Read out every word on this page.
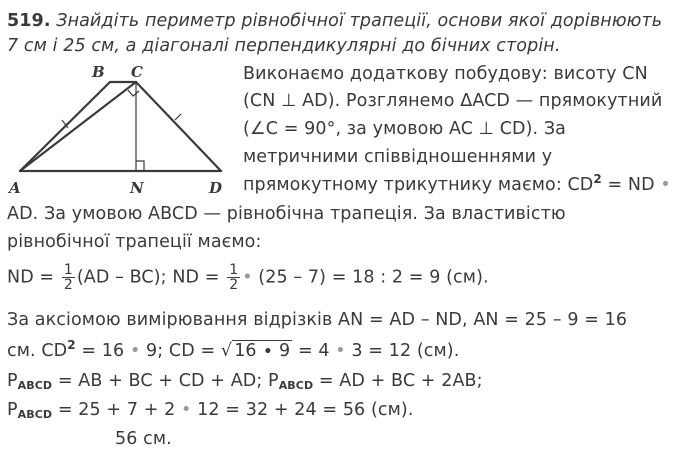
519. Знайдіть периметр рівнобічної трапеції, основи якої дорівнюють
7 см і 25 см, а діагоналі перпендикулярні до бічних сторін.
B C
A	N	D
Виконаємо додаткову побудову: висоту CN
(CN ⊥ AD). Розглянемо ΔACD — прямокутний
(∠C = 90°, за умовою AC ⊥ CD). За
метричними співвідношеннями у
прямокутному трикутнику маємо: $CD^2$ = ND •
AD. За умовою ABCD — рівнобічна трапеція. За властивістю
рівнобічної трапеції маємо:
ND = $\frac{1}{2} (AD - BC)$; ND = $\frac{1}{2}$ • (25 – 7) = 18 : 2 = 9 (см).
За аксіомою вимірювання відрізків AN = AD – ND, AN = 25 – 9 = 16
см. $CD^2 = 16$ • 9; CD = √ 16 ∙ 9 = 4 • 3 = 12 (см).
PABCD = AB + BC + CD + AD; PABCD = AD + BC + 2AB;
PABCD = 25 + 7 + 2 • 12 = 32 + 24 = 56 (см).
56 см.
